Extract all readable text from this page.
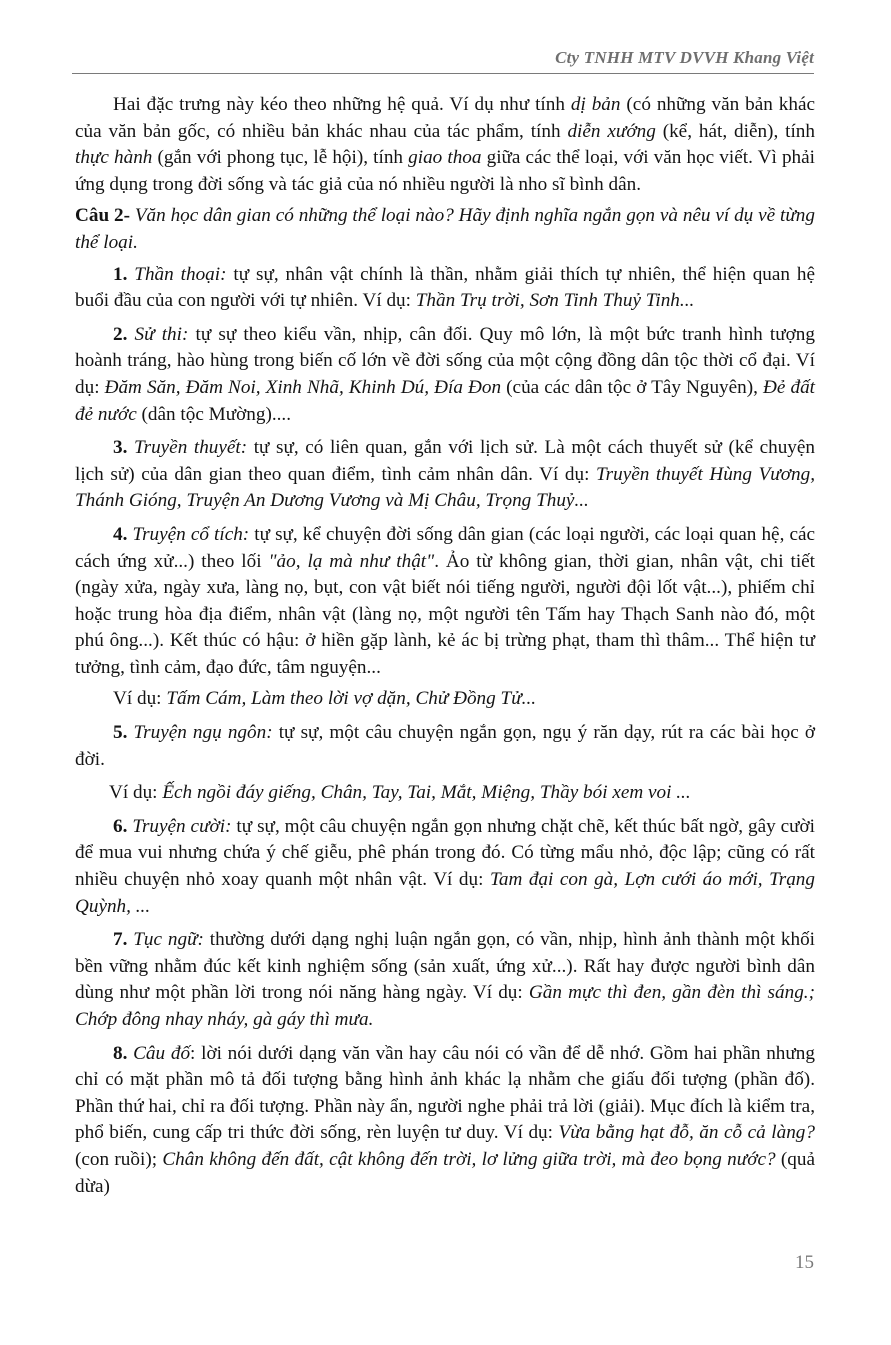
Cty TNHH MTV DVVH Khang Việt

Hai đặc trưng này kéo theo những hệ quả. Ví dụ như tính dị bản (có những văn bản khác của văn bản gốc, có nhiều bản khác nhau của tác phẩm, tính diễn xướng (kể, hát, diễn), tính thực hành (gắn với phong tục, lễ hội), tính giao thoa giữa các thể loại, với văn học viết. Vì phải ứng dụng trong đời sống và tác giả của nó nhiều người là nho sĩ bình dân.

Câu 2- Văn học dân gian có những thể loại nào? Hãy định nghĩa ngắn gọn và nêu ví dụ về từng thể loại.

1. Thần thoại: tự sự, nhân vật chính là thần, nhằm giải thích tự nhiên, thể hiện quan hệ buổi đầu của con người với tự nhiên. Ví dụ: Thần Trụ trời, Sơn Tinh Thuỷ Tinh...

2. Sử thi: tự sự theo kiểu vần, nhịp, cân đối. Quy mô lớn, là một bức tranh hình tượng hoành tráng, hào hùng trong biến cố lớn về đời sống của một cộng đồng dân tộc thời cổ đại. Ví dụ: Đăm Săn, Đăm Noi, Xinh Nhã, Khinh Dú, Đía Đon (của các dân tộc ở Tây Nguyên), Đẻ đất đẻ nước (dân tộc Mường)....

3. Truyền thuyết: tự sự, có liên quan, gắn với lịch sử. Là một cách thuyết sử (kể chuyện lịch sử) của dân gian theo quan điểm, tình cảm nhân dân. Ví dụ: Truyền thuyết Hùng Vương, Thánh Gióng, Truyện An Dương Vương và Mị Châu, Trọng Thuỷ...

4. Truyện cổ tích: tự sự, kể chuyện đời sống dân gian (các loại người, các loại quan hệ, các cách ứng xử...) theo lối "ảo, lạ mà như thật". Ảo từ không gian, thời gian, nhân vật, chi tiết (ngày xửa, ngày xưa, làng nọ, bụt, con vật biết nói tiếng người, người đội lốt vật...), phiếm chỉ hoặc trung hòa địa điểm, nhân vật (làng nọ, một người tên Tấm hay Thạch Sanh nào đó, một phú ông...). Kết thúc có hậu: ở hiền gặp lành, kẻ ác bị trừng phạt, tham thì thâm... Thể hiện tư tưởng, tình cảm, đạo đức, tâm nguyện...

Ví dụ: Tấm Cám, Làm theo lời vợ dặn, Chử Đồng Tử...

5. Truyện ngụ ngôn: tự sự, một câu chuyện ngắn gọn, ngụ ý răn dạy, rút ra các bài học ở đời.

Ví dụ: Ếch ngồi đáy giếng, Chân, Tay, Tai, Mắt, Miệng, Thầy bói xem voi ...

6. Truyện cười: tự sự, một câu chuyện ngắn gọn nhưng chặt chẽ, kết thúc bất ngờ, gây cười để mua vui nhưng chứa ý chế giễu, phê phán trong đó. Có từng mẩu nhỏ, độc lập; cũng có rất nhiều chuyện nhỏ xoay quanh một nhân vật. Ví dụ: Tam đại con gà, Lợn cưới áo mới, Trạng Quỳnh, ...

7. Tục ngữ: thường dưới dạng nghị luận ngắn gọn, có vần, nhịp, hình ảnh thành một khối bền vững nhằm đúc kết kinh nghiệm sống (sản xuất, ứng xử...). Rất hay được người bình dân dùng như một phần lời trong nói năng hàng ngày. Ví dụ: Gần mực thì đen, gần đèn thì sáng.; Chớp đông nhay nháy, gà gáy thì mưa.

8. Câu đố: lời nói dưới dạng văn vần hay câu nói có vần để dễ nhớ. Gồm hai phần nhưng chỉ có mặt phần mô tả đối tượng bằng hình ảnh khác lạ nhằm che giấu đối tượng (phần đố). Phần thứ hai, chỉ ra đối tượng. Phần này ẩn, người nghe phải trả lời (giải). Mục đích là kiểm tra, phổ biến, cung cấp tri thức đời sống, rèn luyện tư duy. Ví dụ: Vừa bằng hạt đỗ, ăn cỗ cả làng? (con ruồi); Chân không đến đất, cật không đến trời, lơ lửng giữa trời, mà đeo bọng nước? (quả dừa)

15
